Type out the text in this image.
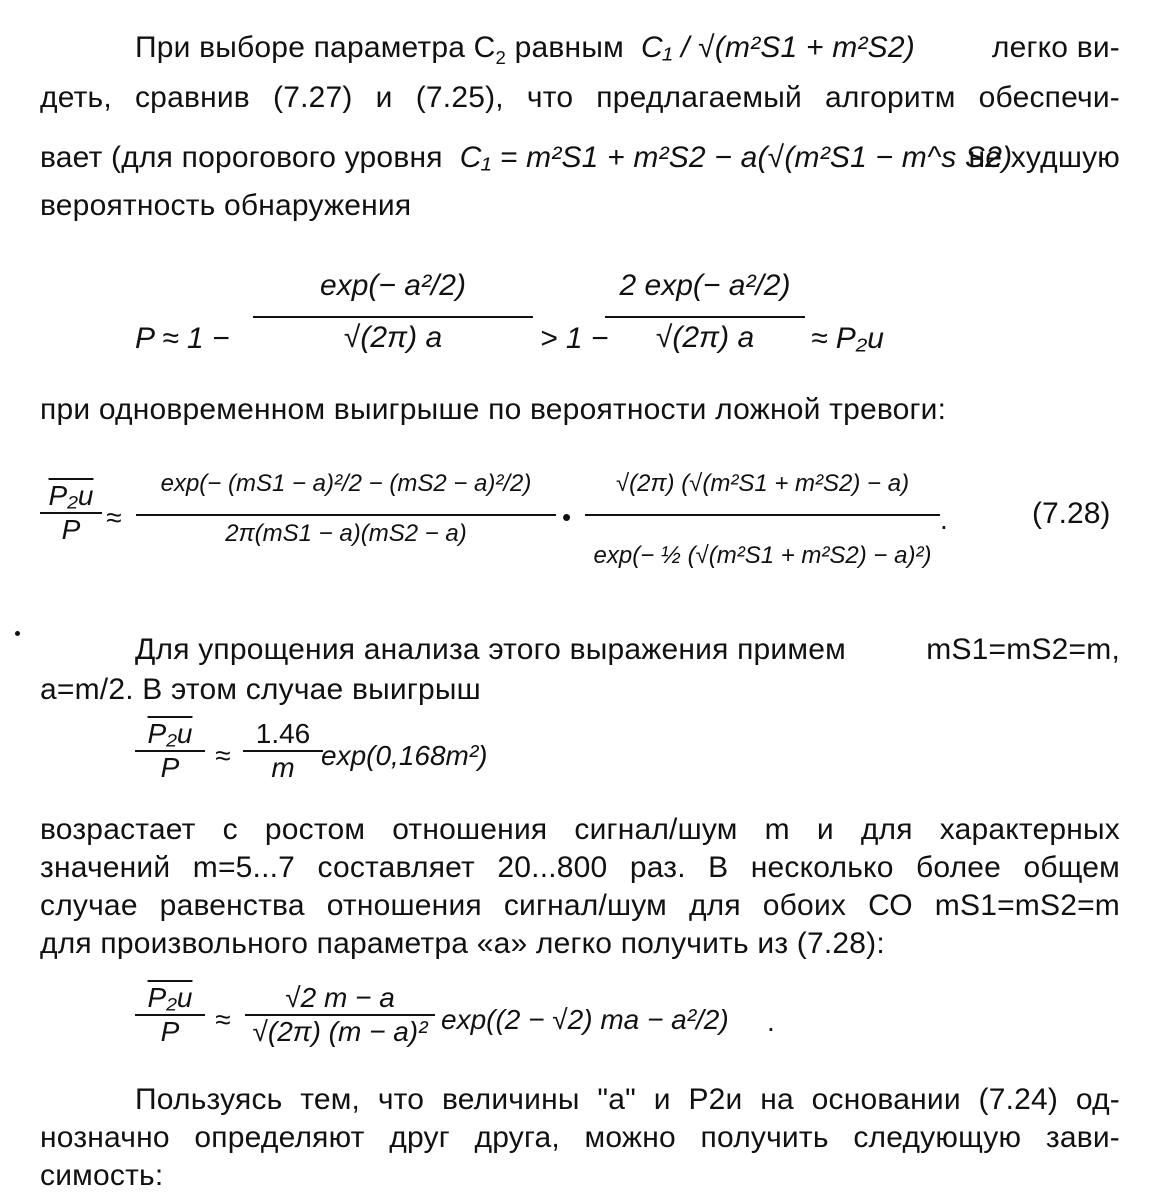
При выборе параметра $С_2$ равным C₁ / √(m²S1 + m²S2)	легко ви-
деть, сравнив (7.27) и (7.25), что предлагаемый алгоритм обеспечи-
вает (для порогового уровня C₁ = m²S1 + m²S2 − a(√(m²S1 − m^s S2)
не худшую
вероятность обнаружения
$P \approx 1 - \frac{\text{exp(− a²/2)}}{√(2\pi) a} > 1$ −
$\frac{\text{2 exp(− a²/2)}}{√(2\pi) a} \approx P_2и$
при одновременном выигрыше по вероятности ложной тревоги:
P₂и
$P \approx \frac{\text{exp(− (mS1 − a)²/2 − (mS2 − a)²/2)}}{2\pi(mS1 - a)(mS2 - a)}$ • $\frac{\text{√(2π) (√(m²S1 + m²S2) − a)}}{\text{exp(− ½ (√(m²S1 + m²S2) − a)²)}}$ .	(7.28)
Для упрощения анализа этого выражения примем	mS1=mS2=m,
a=m/2. В этом случае выигрыш
P₂и
P	≈ $\frac{1.46}{m}$
exp(0,168m²)
возрастает с ростом отношения сигнал/шум m и для характерных
значений m=5...7 составляет 20...800 раз. В несколько более общем
случае равенства отношения сигнал/шум для обоих СО mS1=mS2=m
для произвольного параметра «а» легко получить из (7.28):
P₂и
P	≈ $\frac{√2 m - a}{\text{√(2π) (m − a)²}} \exp((2 - √2)$ ma − a²/2) .
Пользуясь тем, что величины "а" и P2и на основании (7.24) од-
нозначно определяют друг друга, можно получить следующую зави-
симость:
